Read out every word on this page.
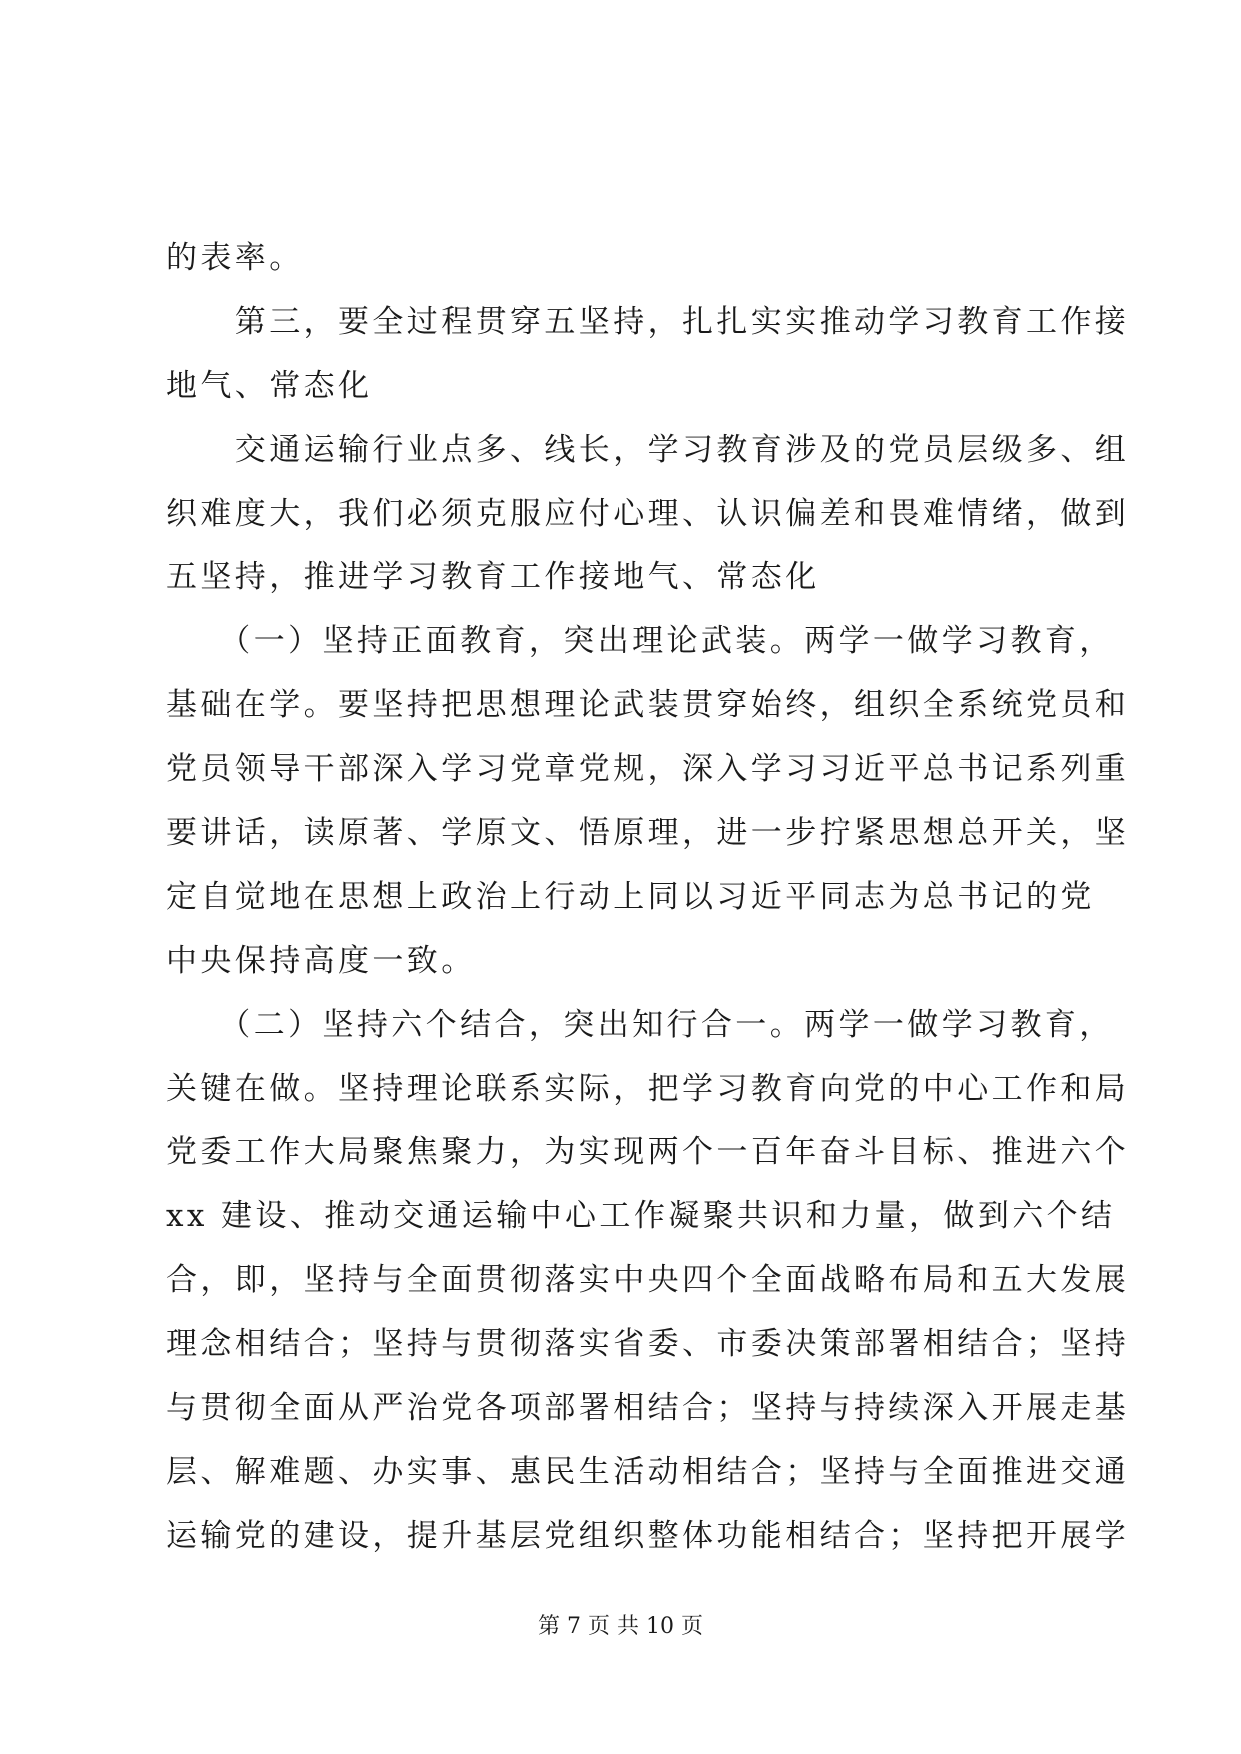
的表率。
　　第三，要全过程贯穿五坚持，扎扎实实推动学习教育工作接
地气、常态化
　　交通运输行业点多、线长，学习教育涉及的党员层级多、组
织难度大，我们必须克服应付心理、认识偏差和畏难情绪，做到
五坚持，推进学习教育工作接地气、常态化
　　（一）坚持正面教育，突出理论武装。两学一做学习教育，
基础在学。要坚持把思想理论武装贯穿始终，组织全系统党员和
党员领导干部深入学习党章党规，深入学习习近平总书记系列重
要讲话，读原著、学原文、悟原理，进一步拧紧思想总开关，坚
定自觉地在思想上政治上行动上同以习近平同志为总书记的党
中央保持高度一致。
　　（二）坚持六个结合，突出知行合一。两学一做学习教育，
关键在做。坚持理论联系实际，把学习教育向党的中心工作和局
党委工作大局聚焦聚力，为实现两个一百年奋斗目标、推进六个
xx 建设、推动交通运输中心工作凝聚共识和力量，做到六个结
合，即，坚持与全面贯彻落实中央四个全面战略布局和五大发展
理念相结合；坚持与贯彻落实省委、市委决策部署相结合；坚持
与贯彻全面从严治党各项部署相结合；坚持与持续深入开展走基
层、解难题、办实事、惠民生活动相结合；坚持与全面推进交通
运输党的建设，提升基层党组织整体功能相结合；坚持把开展学
第 7 页 共 10 页
